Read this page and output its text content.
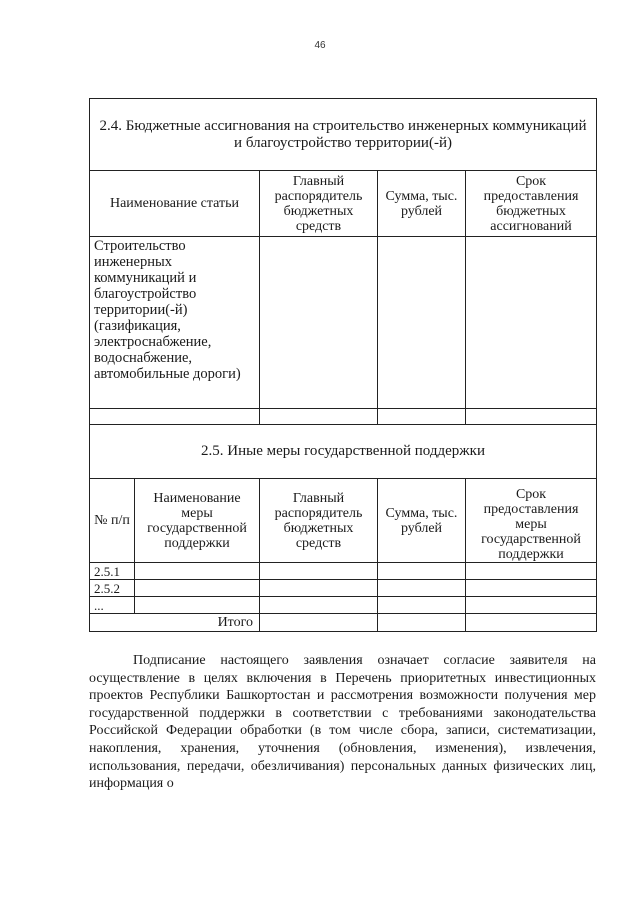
46
2.4. Бюджетные ассигнования на строительство инженерных коммуникаций и благоустройство территории(-й)				
Наименование статьи		Главный распорядитель бюджетных средств	Сумма, тыс. рублей	Срок предоставления бюджетных ассигнований
Строительство инженерных коммуникаций и благоустройство территории(-й) (газификация, электроснабжение, водоснабжение, автомобильные дороги)				

2.5. Иные меры государственной поддержки				
№ п/п	Наименование меры государственной поддержки	Главный распорядитель бюджетных средств	Сумма, тыс. рублей	Срок предоставления меры государственной поддержки
2.5.1				
2.5.2				
...				
Итого				

Подписание настоящего заявления означает согласие заявителя на осуществление в целях включения в Перечень приоритетных инвестиционных проектов Республики Башкортостан и рассмотрения возможности получения мер государственной поддержки в соответствии с требованиями законодательства Российской Федерации обработки (в том числе сбора, записи, систематизации, накопления, хранения, уточнения (обновления, изменения), извлечения, использования, передачи, обезличивания) персональных данных физических лиц, информация о
